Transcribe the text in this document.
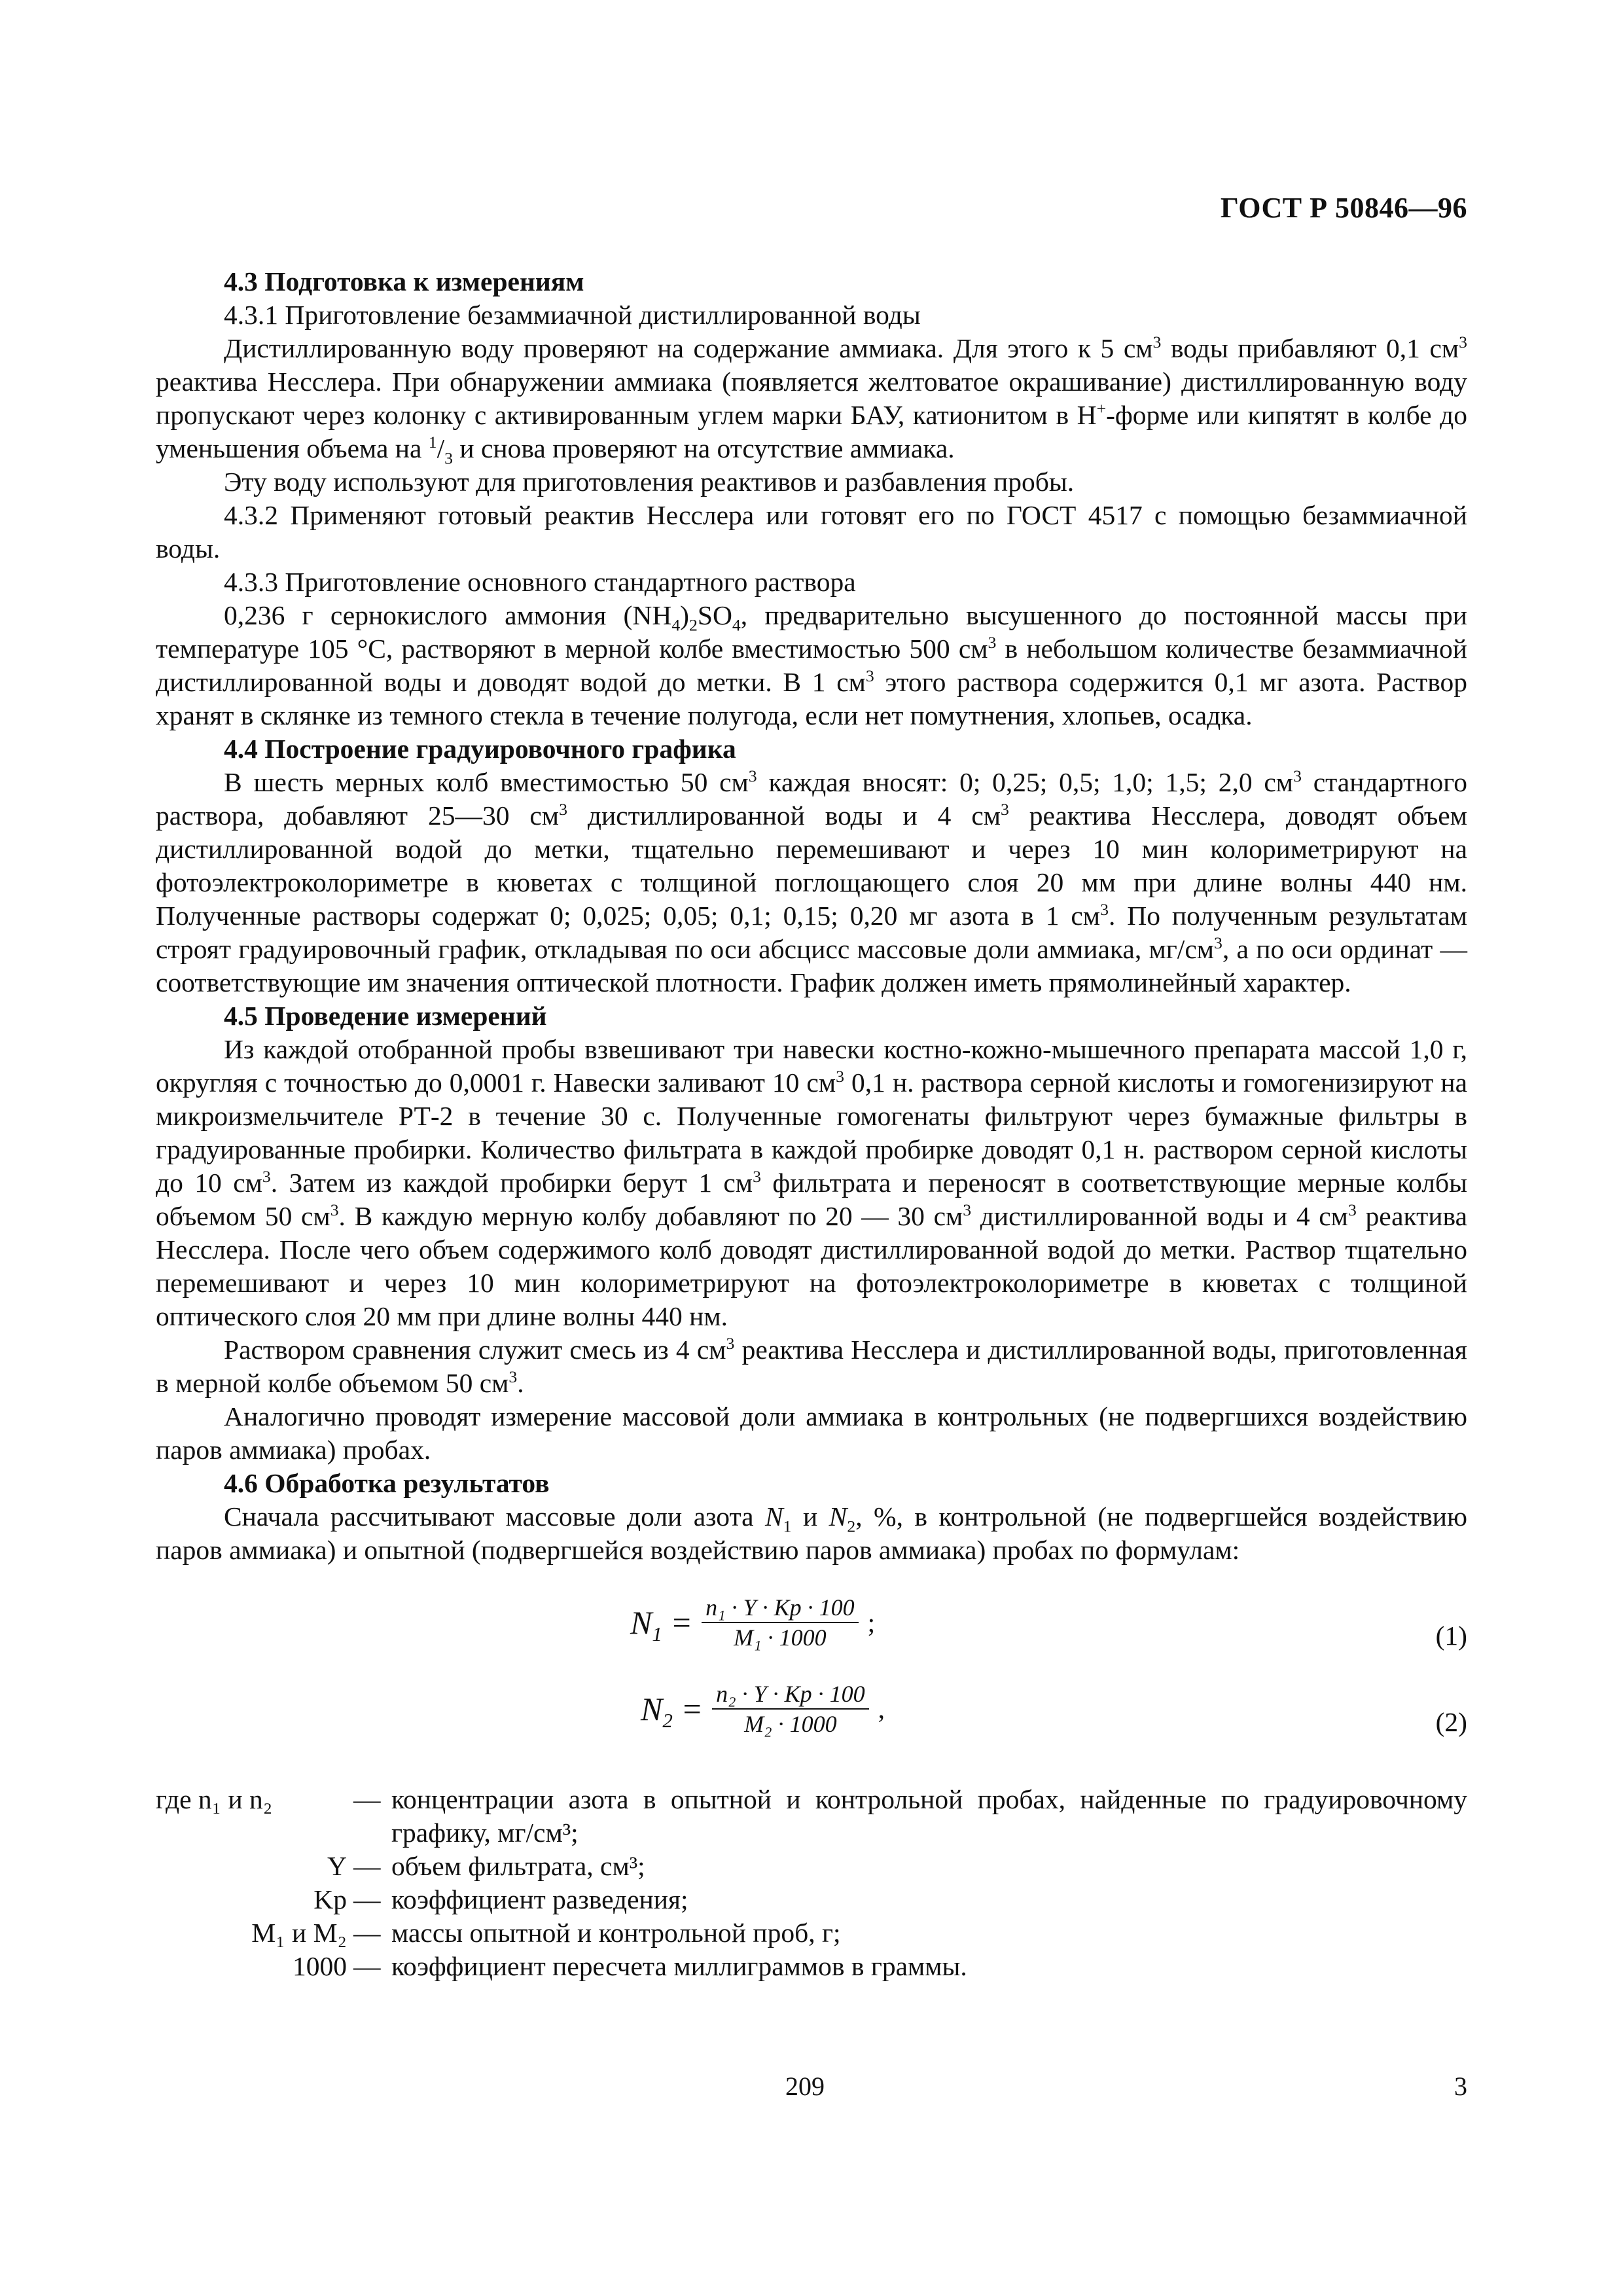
ГОСТ Р 50846—96

4.3 Подготовка к измерениям

4.3.1 Приготовление безаммиачной дистиллированной воды

Дистиллированную воду проверяют на содержание аммиака. Для этого к 5 $см^3$ воды прибавляют 0,1 $см^3$ реактива Несслера. При обнаружении аммиака (появляется желтоватое окрашивание) дистиллированную воду пропускают через колонку с активированным углем марки БАУ, катионитом в Н+-форме или кипятят в колбе до уменьшения объема на $^1/_3$ и снова проверяют на отсутствие аммиака.

Эту воду используют для приготовления реактивов и разбавления пробы.

4.3.2 Применяют готовый реактив Несслера или готовят его по ГОСТ 4517 с помощью безаммиачной воды.

4.3.3 Приготовление основного стандартного раствора

0,236 г сернокислого аммония $(NH_4)_2SO_4$, предварительно высушенного до постоянной массы при температуре 105 °С, растворяют в мерной колбе вместимостью 500 $см^3$ в небольшом количестве безаммиачной дистиллированной воды и доводят водой до метки. В 1 $см^3$ этого раствора содержится 0,1 мг азота. Раствор хранят в склянке из темного стекла в течение полугода, если нет помутнения, хлопьев, осадка.

4.4 Построение градуировочного графика

В шесть мерных колб вместимостью 50 $см^3$ каждая вносят: 0; 0,25; 0,5; 1,0; 1,5; 2,0 $см^3$ стандартного раствора, добавляют 25—30 $см^3$ дистиллированной воды и 4 $см^3$ реактива Несслера, доводят объем дистиллированной водой до метки, тщательно перемешивают и через 10 мин колориметрируют на фотоэлектроколориметре в кюветах с толщиной поглощающего слоя 20 мм при длине волны 440 нм. Полученные растворы содержат 0; 0,025; 0,05; 0,1; 0,15; 0,20 мг азота в 1 $см^3$. По полученным результатам строят градуировочный график, откладывая по оси абсцисс массовые доли аммиака, $мг/см^3$, а по оси ординат — соответствующие им значения оптической плотности. График должен иметь прямолинейный характер.

4.5 Проведение измерений

Из каждой отобранной пробы взвешивают три навески костно-кожно-мышечного препарата массой 1,0 г, округляя с точностью до 0,0001 г. Навески заливают 10 $см^3$ 0,1 н. раствора серной кислоты и гомогенизируют на микроизмельчителе РТ-2 в течение 30 с. Полученные гомогенаты фильтруют через бумажные фильтры в градуированные пробирки. Количество фильтрата в каждой пробирке доводят 0,1 н. раствором серной кислоты до 10 $см^3$. Затем из каждой пробирки берут 1 $см^3$ фильтрата и переносят в соответствующие мерные колбы объемом 50 $см^3$. В каждую мерную колбу добавляют по 20 — 30 $см^3$ дистиллированной воды и 4 $см^3$ реактива Несслера. После чего объем содержимого колб доводят дистиллированной водой до метки. Раствор тщательно перемешивают и через 10 мин колориметрируют на фотоэлектроколориметре в кюветах с толщиной оптического слоя 20 мм при длине волны 440 нм.

Раствором сравнения служит смесь из 4 $см^3$ реактива Несслера и дистиллированной воды, приготовленная в мерной колбе объемом 50 $см^3$.

Аналогично проводят измерение массовой доли аммиака в контрольных (не подвергшихся воздействию паров аммиака) пробах.

4.6 Обработка результатов

Сначала рассчитывают массовые доли азота $N_1$ и $N_2$, %, в контрольной (не подвергшейся воздействию паров аммиака) и опытной (подвергшейся воздействию паров аммиака) пробах по формулам:

$N_1 = \frac{\text{n₁ · Y · Kр · 100}}{\text{M₁ · 1000}}$ ;	(1)
$N_2 = \frac{\text{n₂ · Y · Kр · 100}}{\text{M₂ · 1000}}$ ,	(2)
где n₁ и n₂	— концентрации азота в опытной и контрольной пробах, найденные по градуировочному графику, мг/см³;
Y — объем фильтрата, см³;
Kр — коэффициент разведения;
M₁ и M₂ — массы опытной и контрольной проб, г;
1000 — коэффициент пересчета миллиграммов в граммы.
209	3
